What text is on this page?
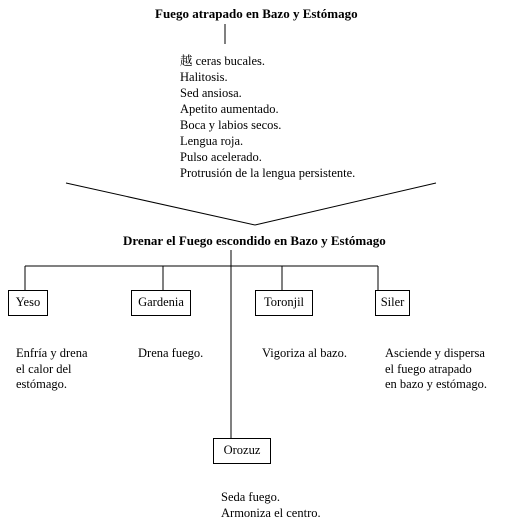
Fuego atrapado en Bazo y Estómago
越 ceras bucales.
Halitosis.
Sed ansiosa.
Apetito aumentado.
Boca y labios secos.
Lengua roja.
Pulso acelerado.
Protrusión de la lengua persistente.
Drenar el Fuego escondido en Bazo y Estómago
Yeso	Gardenia	Toronjil	Siler
Orozuz
Enfría y drena
el calor del
estómago.
Drena fuego.	Vigoriza al bazo.	Asciende y dispersa
el fuego atrapado
en bazo y estómago.
Seda fuego.
Armoniza el centro.
